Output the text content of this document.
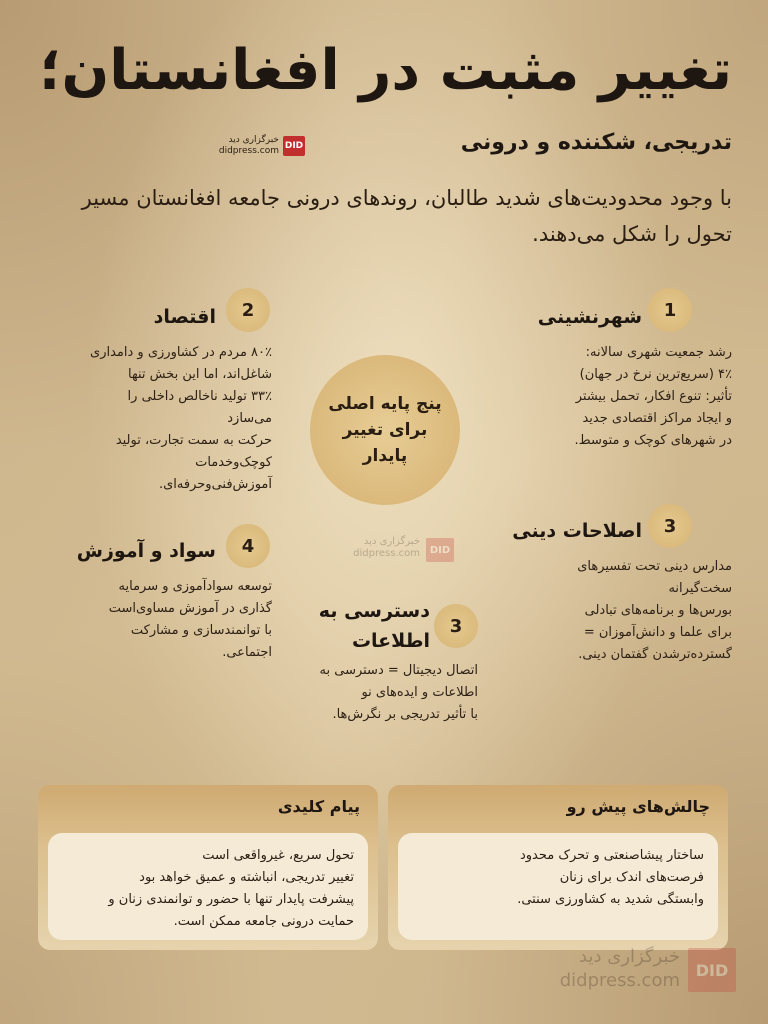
تغییر مثبت در افغانستان؛
تدریجی، شکننده و درونی
DID
خبرگزاری دید
didpress.com
با وجود محدودیت‌های شدید طالبان، روندهای درونی جامعه افغانستان مسیر تحول را شکل می‌دهند.
پنج پایه اصلی برای تغییر پایدار
1
شهرنشینی
رشد جمعیت شهری سالانه:
۴٪ (سریع‌ترین نرخ در جهان)
تأثیر: تنوع افکار، تحمل بیشتر
و ایجاد مراکز اقتصادی جدید
در شهرهای کوچک و متوسط.
2
اقتصاد
۸۰٪ مردم در کشاورزی و دامداری
شاغل‌اند، اما این بخش تنها
۳۳٪ تولید ناخالص داخلی را
می‌سازد
حرکت به سمت تجارت، تولید
کوچک‌وخدمات
آموزش‌فنی‌وحرفه‌ای.
3
اصلاحات دینی
مدارس دینی تحت تفسیرهای
سخت‌گیرانه
بورس‌ها و برنامه‌های تبادلی
برای علما و دانش‌آموزان =
گسترده‌ترشدن گفتمان دینی.
3
دسترسی به اطلاعات
اتصال دیجیتال = دسترسی به
اطلاعات و ایده‌های نو
با تأثیر تدریجی بر نگرش‌ها.
4
سواد و آموزش
توسعه سوادآموزی و سرمایه
گذاری در آموزش مساوی‌است
با توانمندسازی و مشارکت
اجتماعی.
DID
خبرگزاری دید
didpress.com
چالش‌های پیش رو
ساختار پیشاصنعتی و تحرک محدود
فرصت‌های اندک برای زنان
وابستگی شدید به کشاورزی سنتی.
پیام کلیدی
تحول سریع، غیرواقعی است
تغییر تدریجی، انباشته و عمیق خواهد بود
پیشرفت پایدار تنها با حضور و توانمندی زنان و
حمایت درونی جامعه ممکن است.
DID
خبرگزاری دید
didpress.com
